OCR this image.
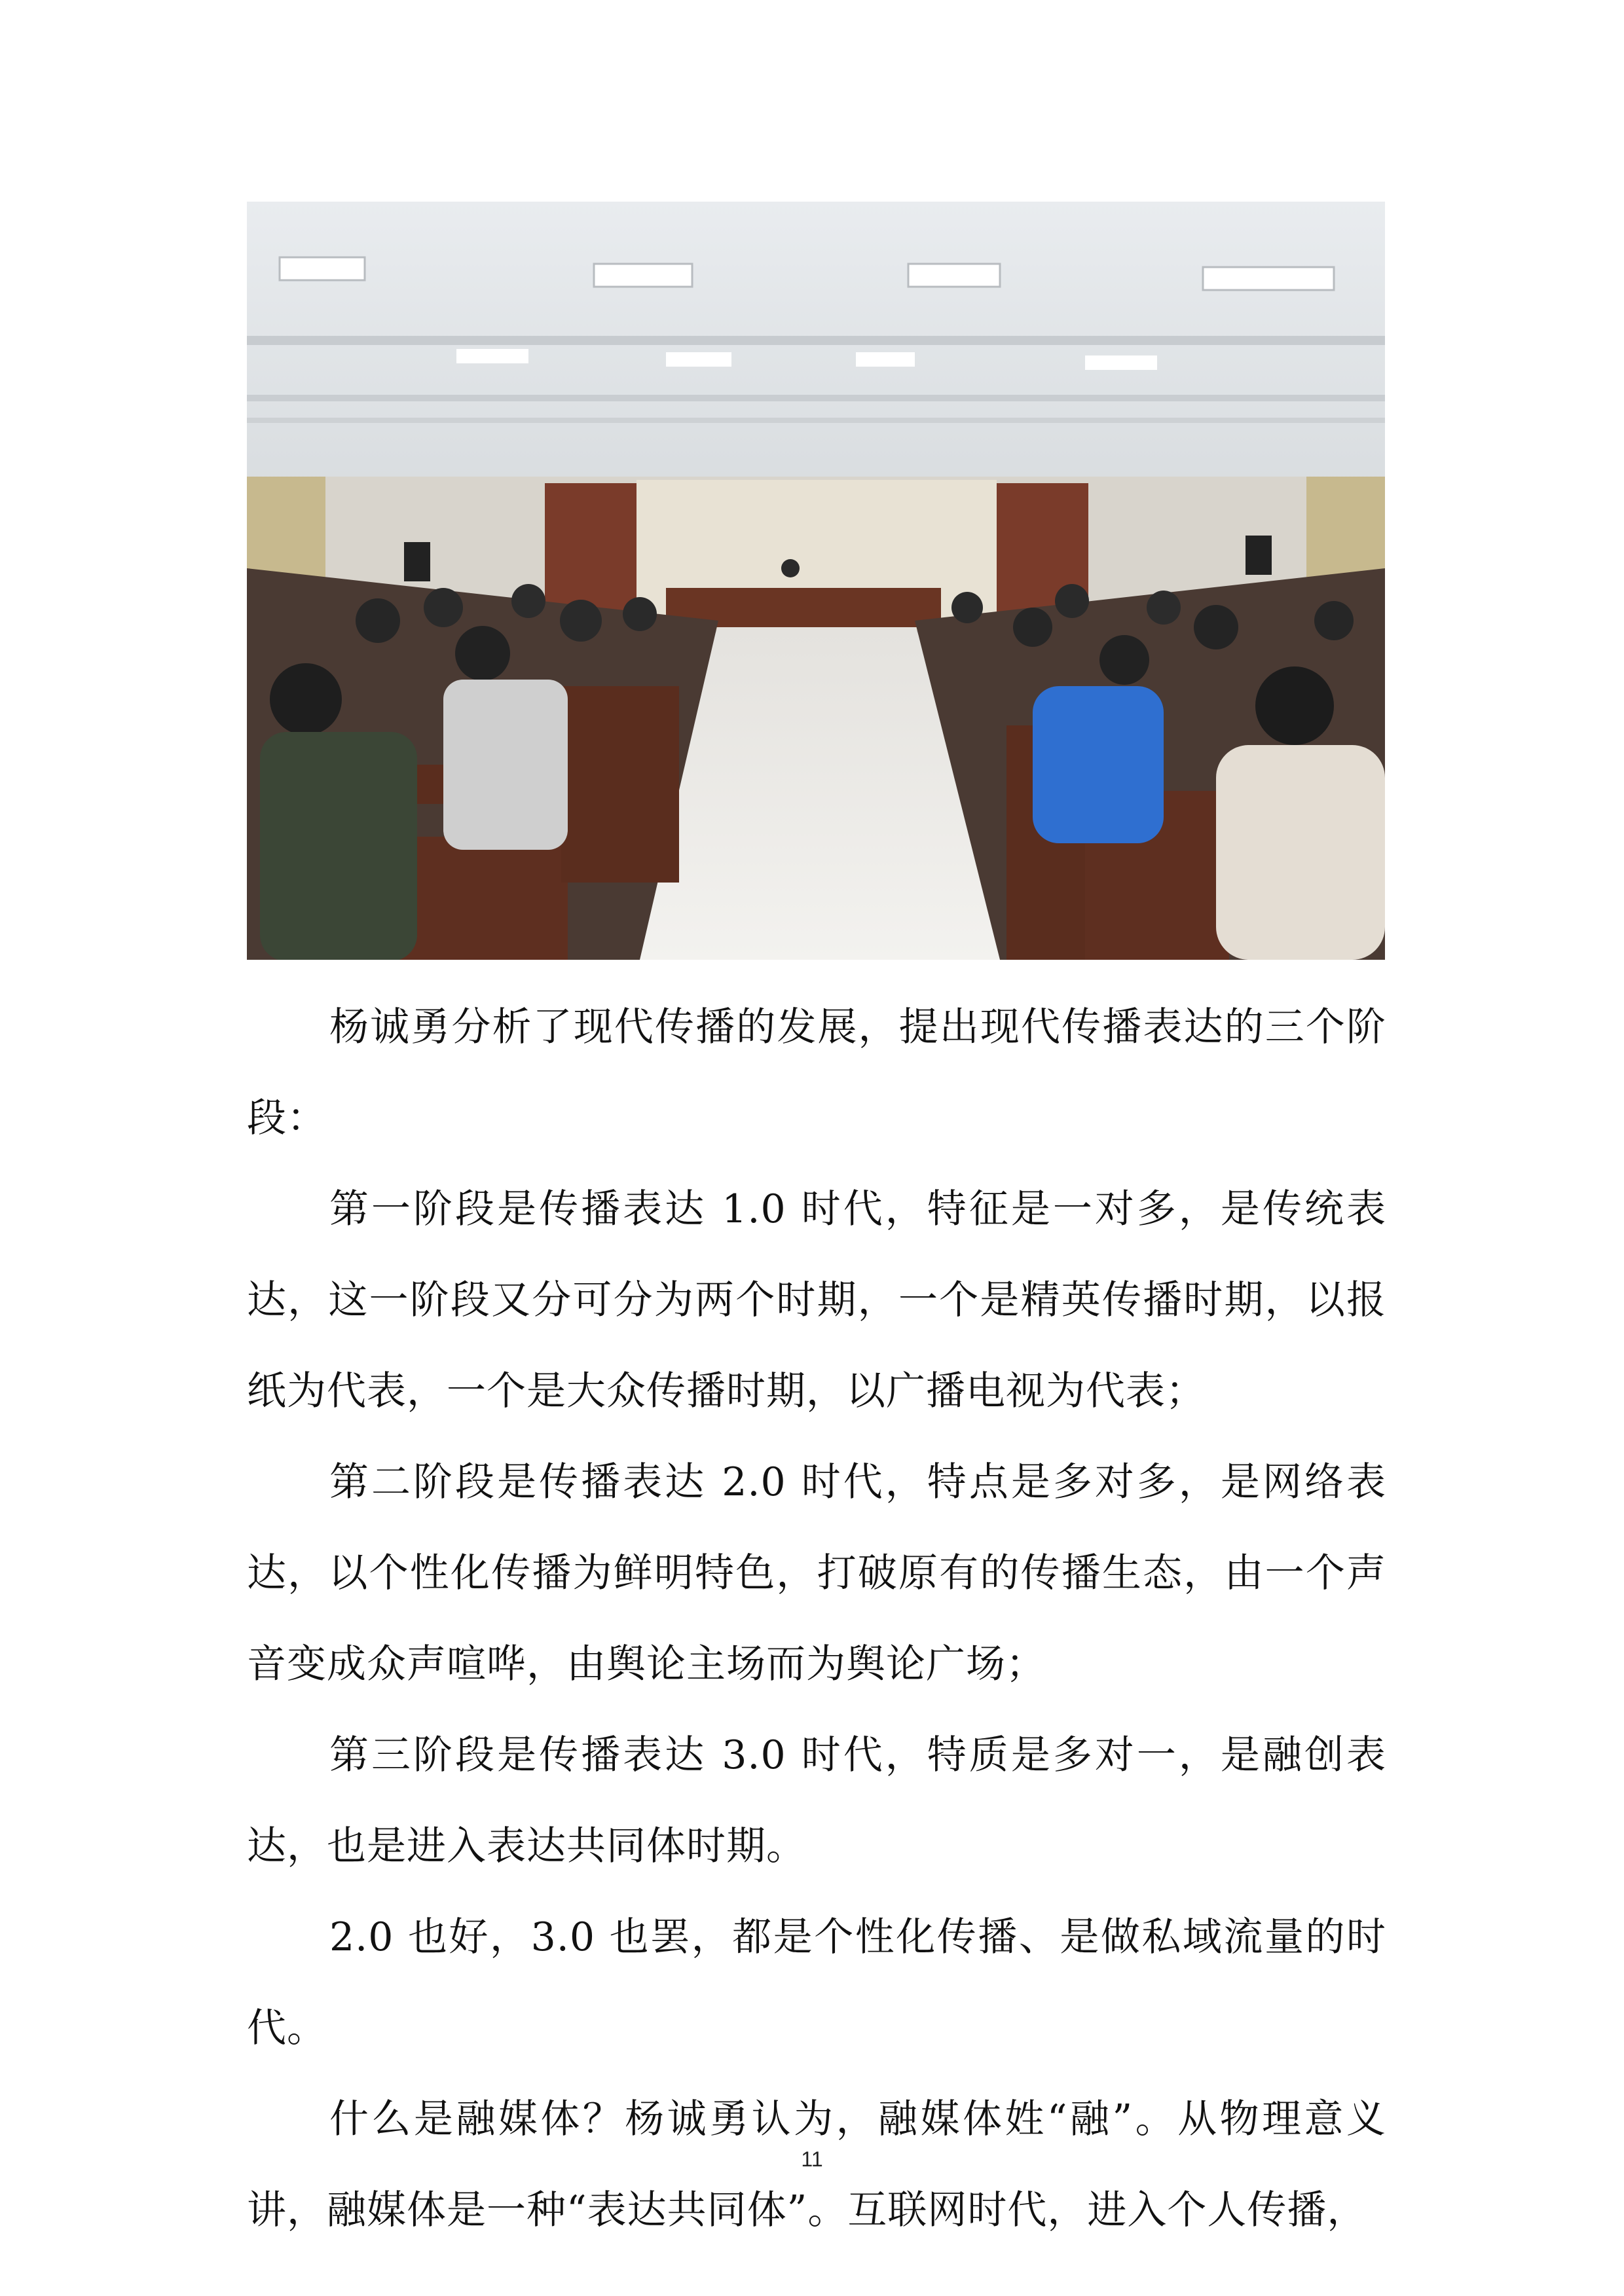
杨诚勇分析了现代传播的发展，提出现代传播表达的三个阶段：

第一阶段是传播表达 1.0 时代，特征是一对多，是传统表达，这一阶段又分可分为两个时期，一个是精英传播时期，以报纸为代表，一个是大众传播时期，以广播电视为代表；

第二阶段是传播表达 2.0 时代，特点是多对多，是网络表达，以个性化传播为鲜明特色，打破原有的传播生态，由一个声音变成众声喧哗，由舆论主场而为舆论广场；

第三阶段是传播表达 3.0 时代，特质是多对一，是融创表达，也是进入表达共同体时期。

2.0 也好，3.0 也罢，都是个性化传播、是做私域流量的时代。

什么是融媒体？杨诚勇认为，融媒体姓“融”。从物理意义讲，融媒体是一种“表达共同体”。互联网时代，进入个人传播，

11
